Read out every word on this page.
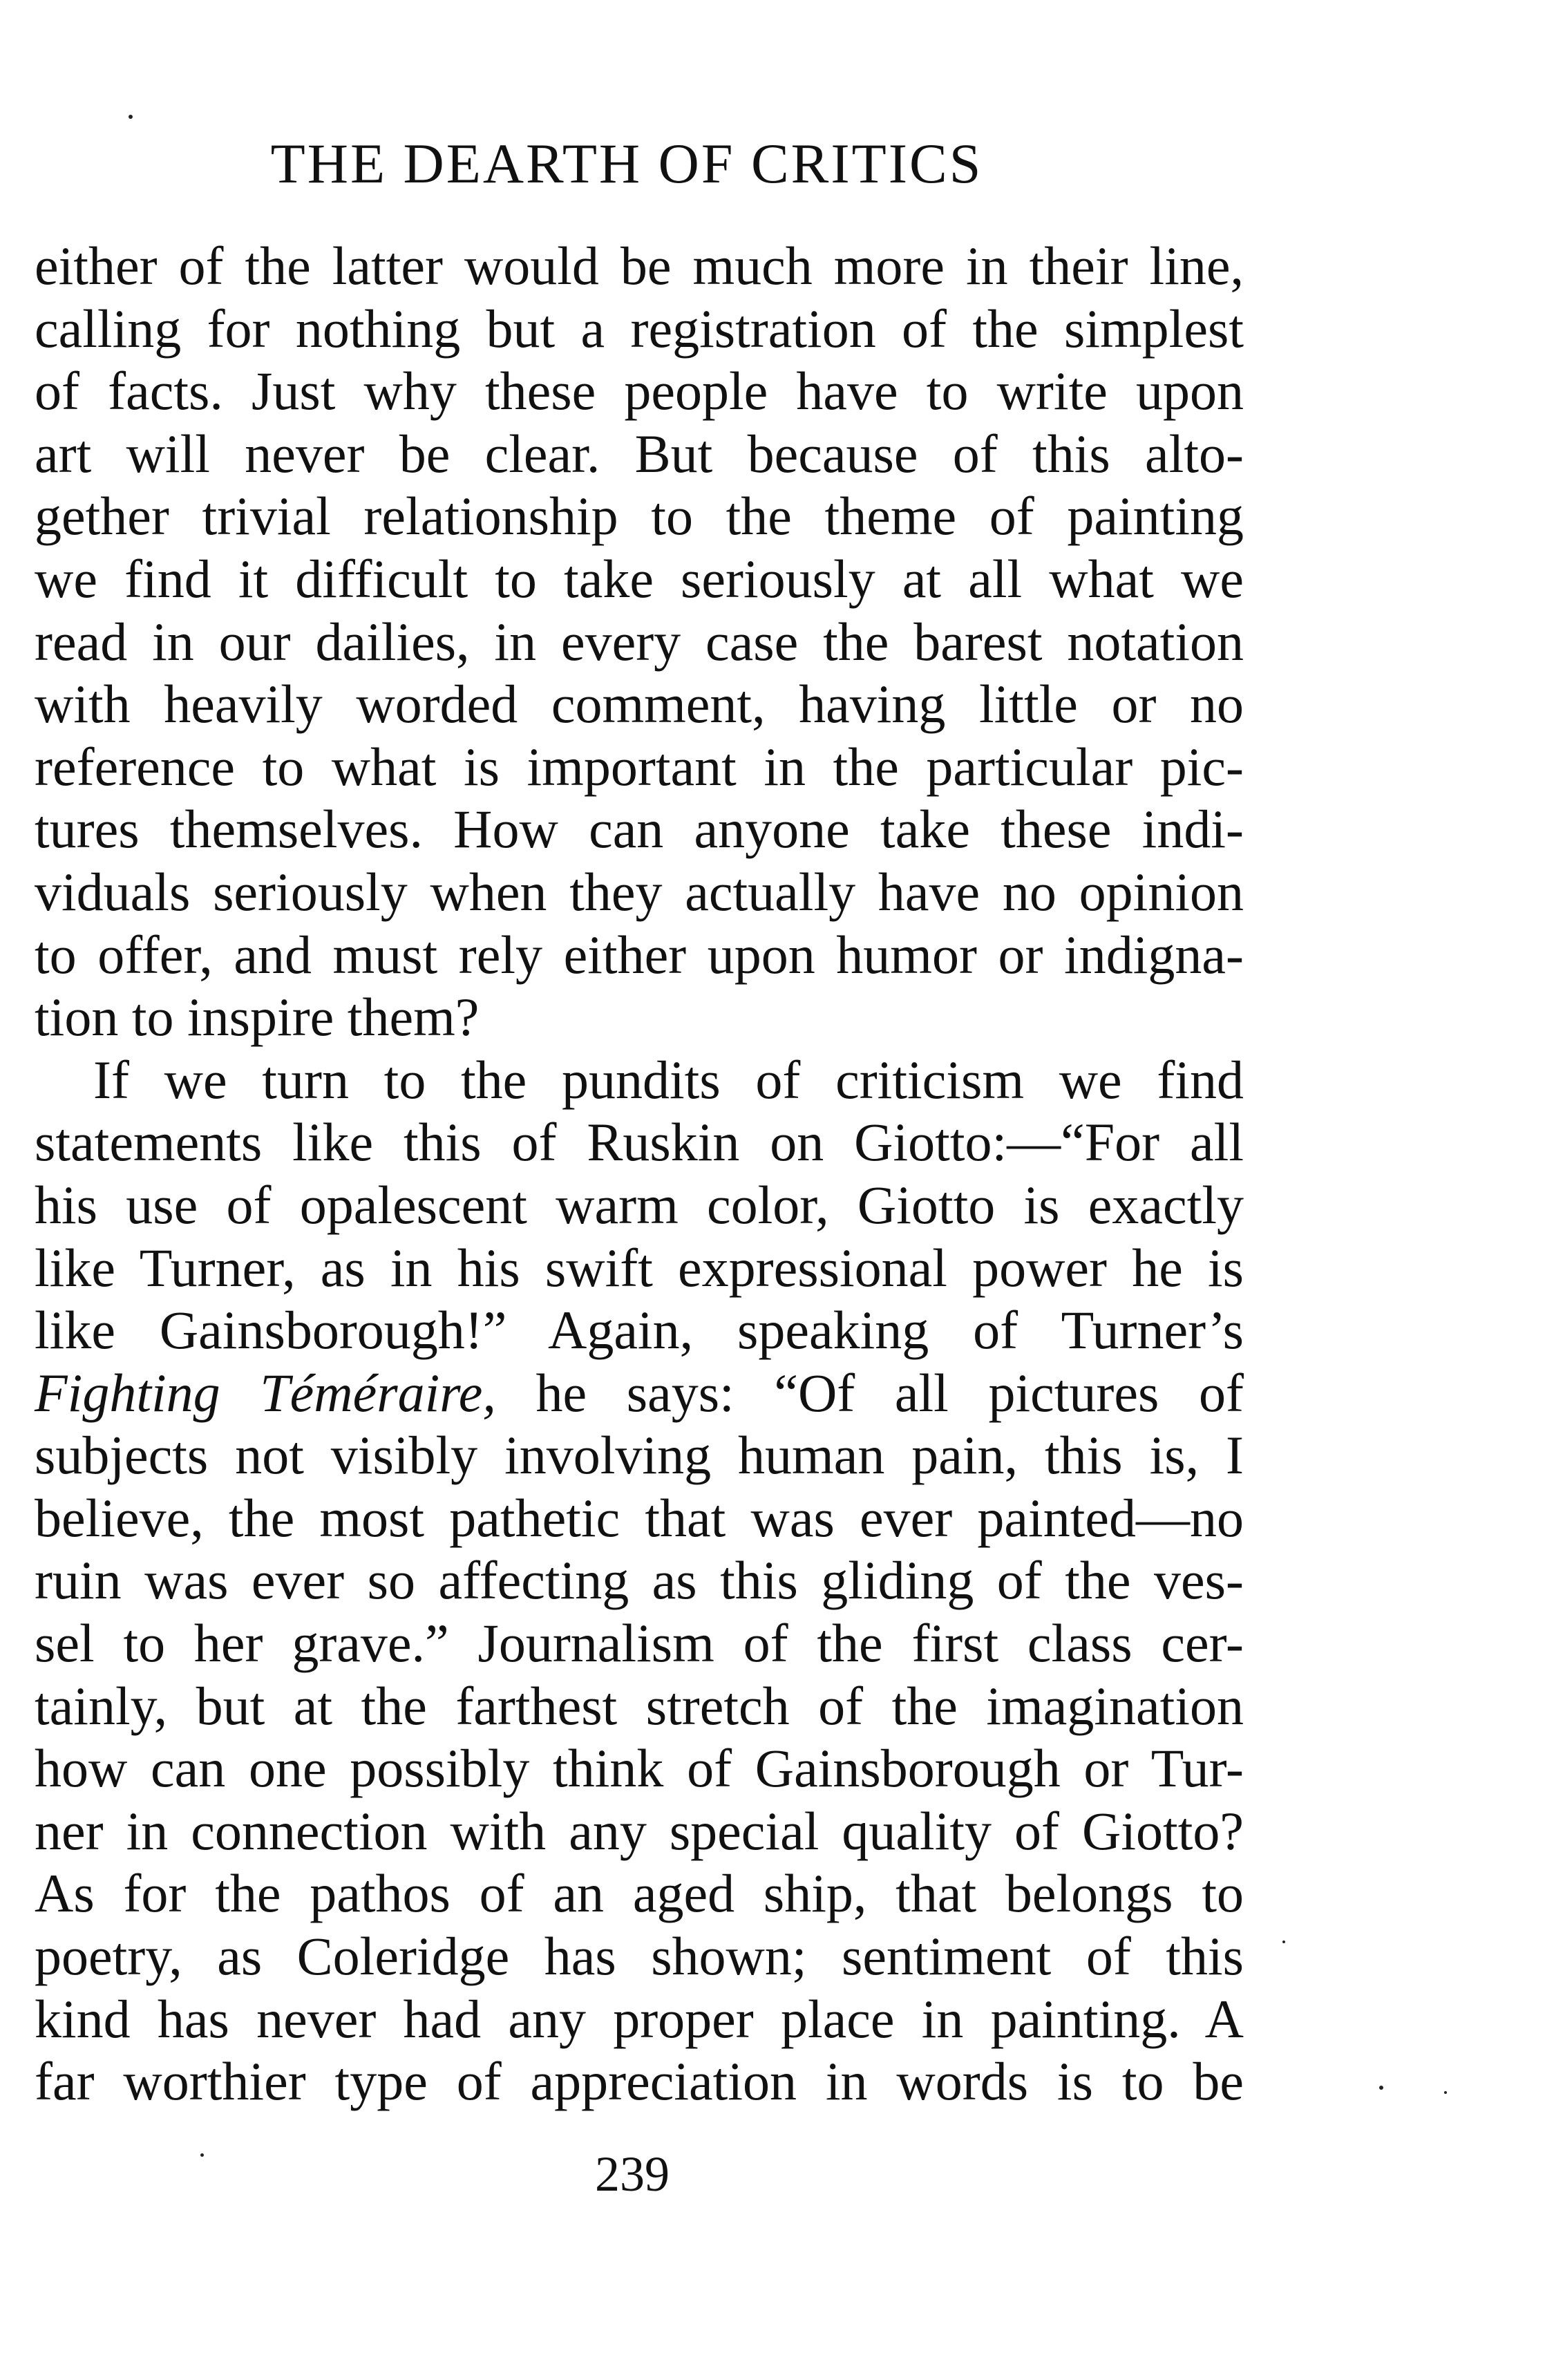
THE DEARTH OF CRITICS
either of the latter would be much more in their line,
calling for nothing but a registration of the simplest
of facts. Just why these people have to write upon
art will never be clear. But because of this alto-
gether trivial relationship to the theme of painting
we find it difficult to take seriously at all what we
read in our dailies, in every case the barest notation
with heavily worded comment, having little or no
reference to what is important in the particular pic-
tures themselves. How can anyone take these indi-
viduals seriously when they actually have no opinion
to offer, and must rely either upon humor or indigna-
tion to inspire them?
If we turn to the pundits of criticism we find
statements like this of Ruskin on Giotto:—“For all
his use of opalescent warm color, Giotto is exactly
like Turner, as in his swift expressional power he is
like Gainsborough!” Again, speaking of Turner’s
Fighting Téméraire, he says: “Of all pictures of
subjects not visibly involving human pain, this is, I
believe, the most pathetic that was ever painted—no
ruin was ever so affecting as this gliding of the ves-
sel to her grave.” Journalism of the first class cer-
tainly, but at the farthest stretch of the imagination
how can one possibly think of Gainsborough or Tur-
ner in connection with any special quality of Giotto?
As for the pathos of an aged ship, that belongs to
poetry, as Coleridge has shown; sentiment of this
kind has never had any proper place in painting. A
far worthier type of appreciation in words is to be
239
